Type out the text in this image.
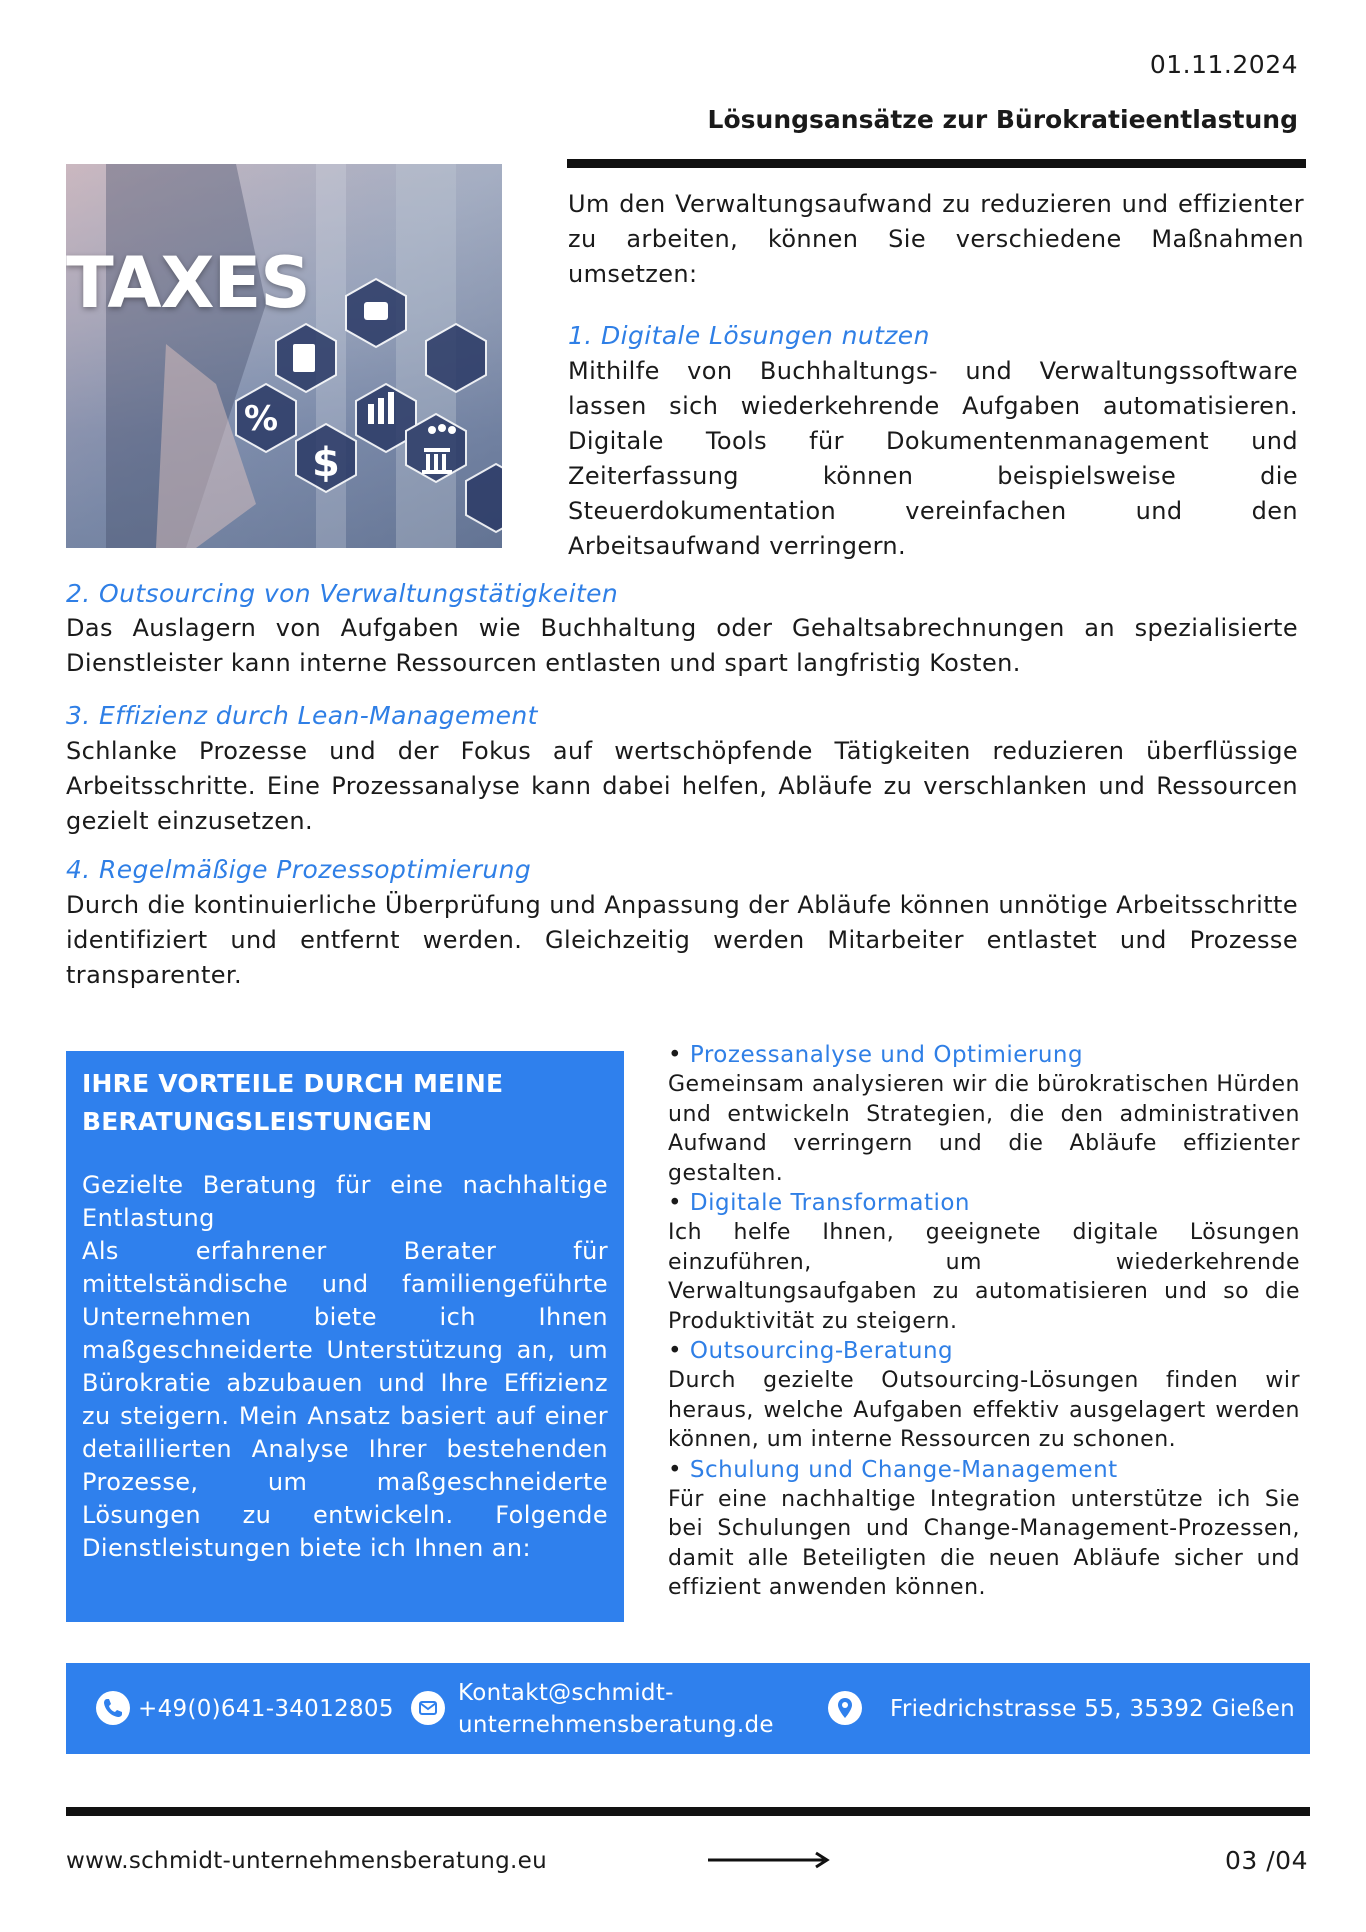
01.11.2024
Lösungsansätze zur Bürokratieentlastung
%
$
TAXES

Um den Verwaltungsaufwand zu reduzieren und effizienter zu arbeiten, können Sie verschiedene Maßnahmen umsetzen:

1. Digitale Lösungen nutzen

Mithilfe von Buchhaltungs- und Verwaltungssoftware lassen sich wiederkehrende Aufgaben automatisieren. Digitale Tools für Dokumentenmanagement und Zeiterfassung können beispielsweise die Steuerdokumentation vereinfachen und den Arbeitsaufwand verringern.

2. Outsourcing von Verwaltungstätigkeiten

Das Auslagern von Aufgaben wie Buchhaltung oder Gehaltsabrechnungen an spezialisierte Dienstleister kann interne Ressourcen entlasten und spart langfristig Kosten.

3. Effizienz durch Lean-Management

Schlanke Prozesse und der Fokus auf wertschöpfende Tätigkeiten reduzieren überflüssige Arbeitsschritte. Eine Prozessanalyse kann dabei helfen, Abläufe zu verschlanken und Ressourcen gezielt einzusetzen.

4. Regelmäßige Prozessoptimierung

Durch die kontinuierliche Überprüfung und Anpassung der Abläufe können unnötige Arbeitsschritte identifiziert und entfernt werden. Gleichzeitig werden Mitarbeiter entlastet und Prozesse transparenter.

IHRE VORTEILE DURCH MEINE BERATUNGSLEISTUNGEN

Gezielte Beratung für eine nachhaltige Entlastung

Als erfahrener Berater für mittelständische und familiengeführte Unternehmen biete ich Ihnen maßgeschneiderte Unterstützung an, um Bürokratie abzubauen und Ihre Effizienz zu steigern. Mein Ansatz basiert auf einer detaillierten Analyse Ihrer bestehenden Prozesse, um maßgeschneiderte Lösungen zu entwickeln. Folgende Dienstleistungen biete ich Ihnen an:

• Prozessanalyse und Optimierung

Gemeinsam analysieren wir die bürokratischen Hürden und entwickeln Strategien, die den administrativen Aufwand verringern und die Abläufe effizienter gestalten.

• Digitale Transformation

Ich helfe Ihnen, geeignete digitale Lösungen einzuführen, um wiederkehrende Verwaltungsaufgaben zu automatisieren und so die Produktivität zu steigern.

• Outsourcing-Beratung

Durch gezielte Outsourcing-Lösungen finden wir heraus, welche Aufgaben effektiv ausgelagert werden können, um interne Ressourcen zu schonen.

• Schulung und Change-Management

Für eine nachhaltige Integration unterstütze ich Sie bei Schulungen und Change-Management-Prozessen, damit alle Beteiligten die neuen Abläufe sicher und effizient anwenden können.

+49(0)641-34012805
Kontakt@schmidt-
unternehmensberatung.de
Friedrichstrasse 55, 35392 Gießen
www.schmidt-unternehmensberatung.eu	03 /04
